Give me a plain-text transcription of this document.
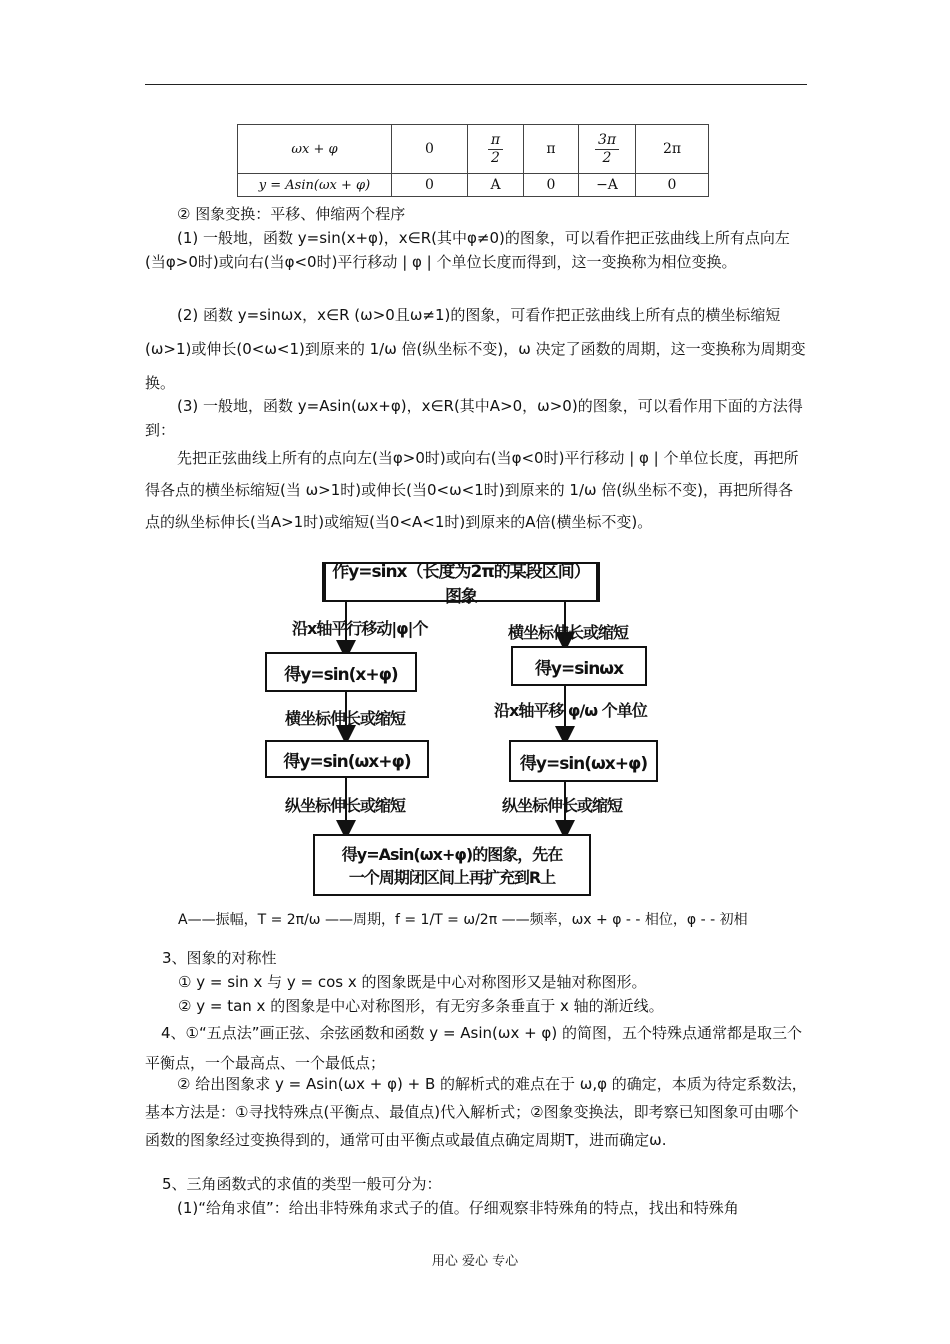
ωx + φ	0	$\frac{\pi}{2}$	π	$\frac{3\pi}{2}$	2π
y = Asin(ωx + φ)	0	A	0	−A	0
② 图象变换：平移、伸缩两个程序
(1) 一般地，函数 y=sin(x+φ)，x∈R(其中φ≠0)的图象，可以看作把正弦曲线上所有点向左(当φ>0时)或向右(当φ<0时)平行移动 | φ | 个单位长度而得到，这一变换称为相位变换。
(2) 函数 y=sinωx，x∈R (ω>0且ω≠1)的图象，可看作把正弦曲线上所有点的横坐标缩短(ω>1)或伸长(0<ω<1)到原来的 1/ω 倍(纵坐标不变)，ω 决定了函数的周期，这一变换称为周期变换。
(3) 一般地，函数 y=Asin(ωx+φ)，x∈R(其中A>0，ω>0)的图象，可以看作用下面的方法得到：
先把正弦曲线上所有的点向左(当φ>0时)或向右(当φ<0时)平行移动 | φ | 个单位长度，再把所得各点的横坐标缩短(当 ω>1时)或伸长(当0<ω<1时)到原来的 1/ω 倍(纵坐标不变)，再把所得各点的纵坐标伸长(当A>1时)或缩短(当0<A<1时)到原来的A倍(横坐标不变)。
作y=sinx（长度为2π的某段区间）图象
沿x轴平行移动|φ|个
得y=sin(x+φ)
横坐标伸长或缩短
得y=sin(ωx+φ)
纵坐标伸长或缩短
横坐标伸长或缩短
得y=sinωx
沿x轴平移 φ/ω 个单位
得y=sin(ωx+φ)
纵坐标伸长或缩短
得y=Asin(ωx+φ)的图象，先在
一个周期闭区间上再扩充到R上
A——振幅，T = 2π/ω ——周期，f = 1/T = ω/2π ——频率，ωx + φ - - 相位，φ - - 初相
3、图象的对称性
① y = sin x 与 y = cos x 的图象既是中心对称图形又是轴对称图形。
② y = tan x 的图象是中心对称图形，有无穷多条垂直于 x 轴的渐近线。
4、①“五点法”画正弦、余弦函数和函数 y = Asin(ωx + φ) 的简图，五个特殊点通常都是取三个平衡点，一个最高点、一个最低点；
② 给出图象求 y = Asin(ωx + φ) + B 的解析式的难点在于 ω,φ 的确定，本质为待定系数法，基本方法是：①寻找特殊点(平衡点、最值点)代入解析式；②图象变换法，即考察已知图象可由哪个函数的图象经过变换得到的，通常可由平衡点或最值点确定周期T，进而确定ω.
5、三角函数式的求值的类型一般可分为：
(1)“给角求值”：给出非特殊角求式子的值。仔细观察非特殊角的特点，找出和特殊角
用心 爱心 专心
